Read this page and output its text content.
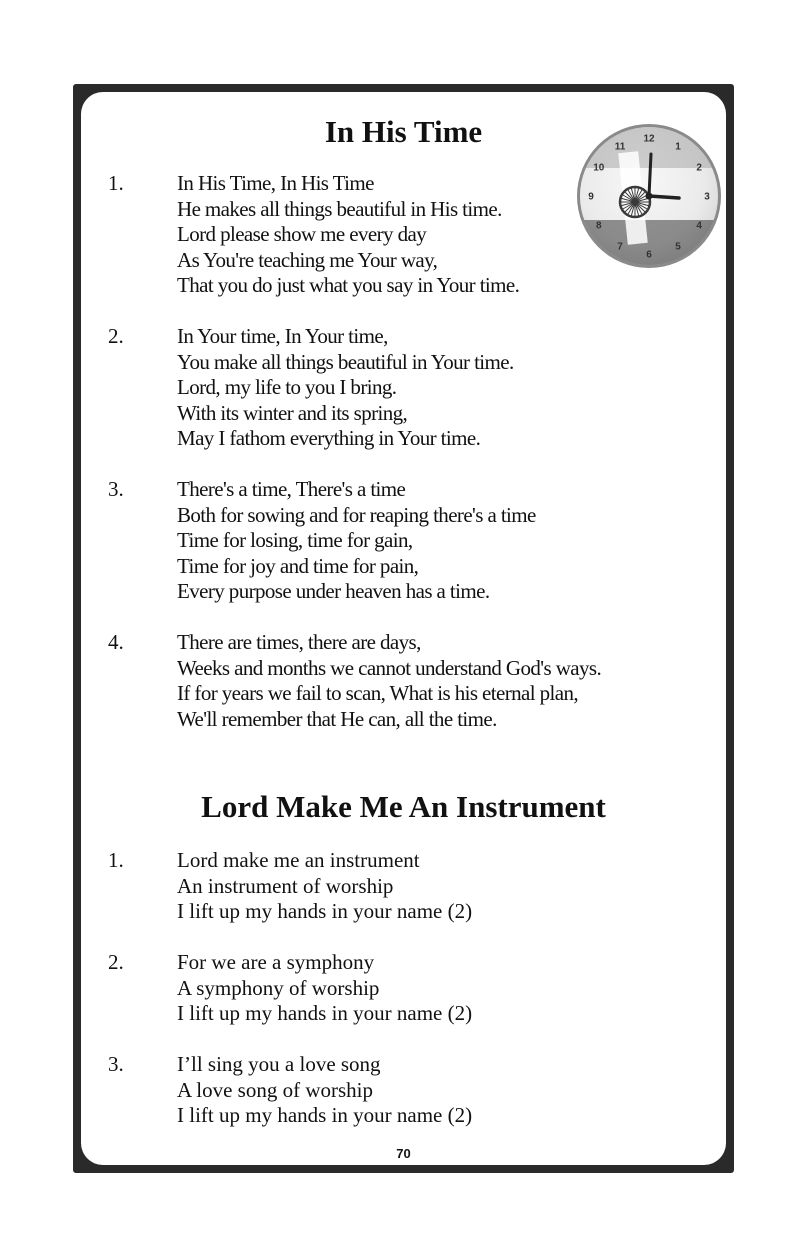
In His Time
1.	In His Time, In His Time
He makes all things beautiful in His time.
Lord please show me every day
As You're teaching me Your way,
That you do just what you say in Your time.
2.	In Your time, In Your time,
You make all things beautiful in Your time.
Lord, my life to you I bring.
With its winter and its spring,
May I fathom everything in Your time.
3.	There's a time, There's a time
Both for sowing and for reaping there's a time
Time for losing, time for gain,
Time for joy and time for pain,
Every purpose under heaven has a time.
4.	There are times, there are days,
Weeks and months we cannot understand God's ways.
If for years we fail to scan, What is his eternal plan,
We'll remember that He can, all the time.
Lord Make Me An Instrument
1.	Lord make me an instrument
An instrument of worship
I lift up my hands in your name (2)
2.	For we are a symphony
A symphony of worship
I lift up my hands in your name (2)
3.	I’ll sing you a love song
A love song of worship
I lift up my hands in your name (2)
70
12
1
2
3
4
5
6
7
8
9
10
11
